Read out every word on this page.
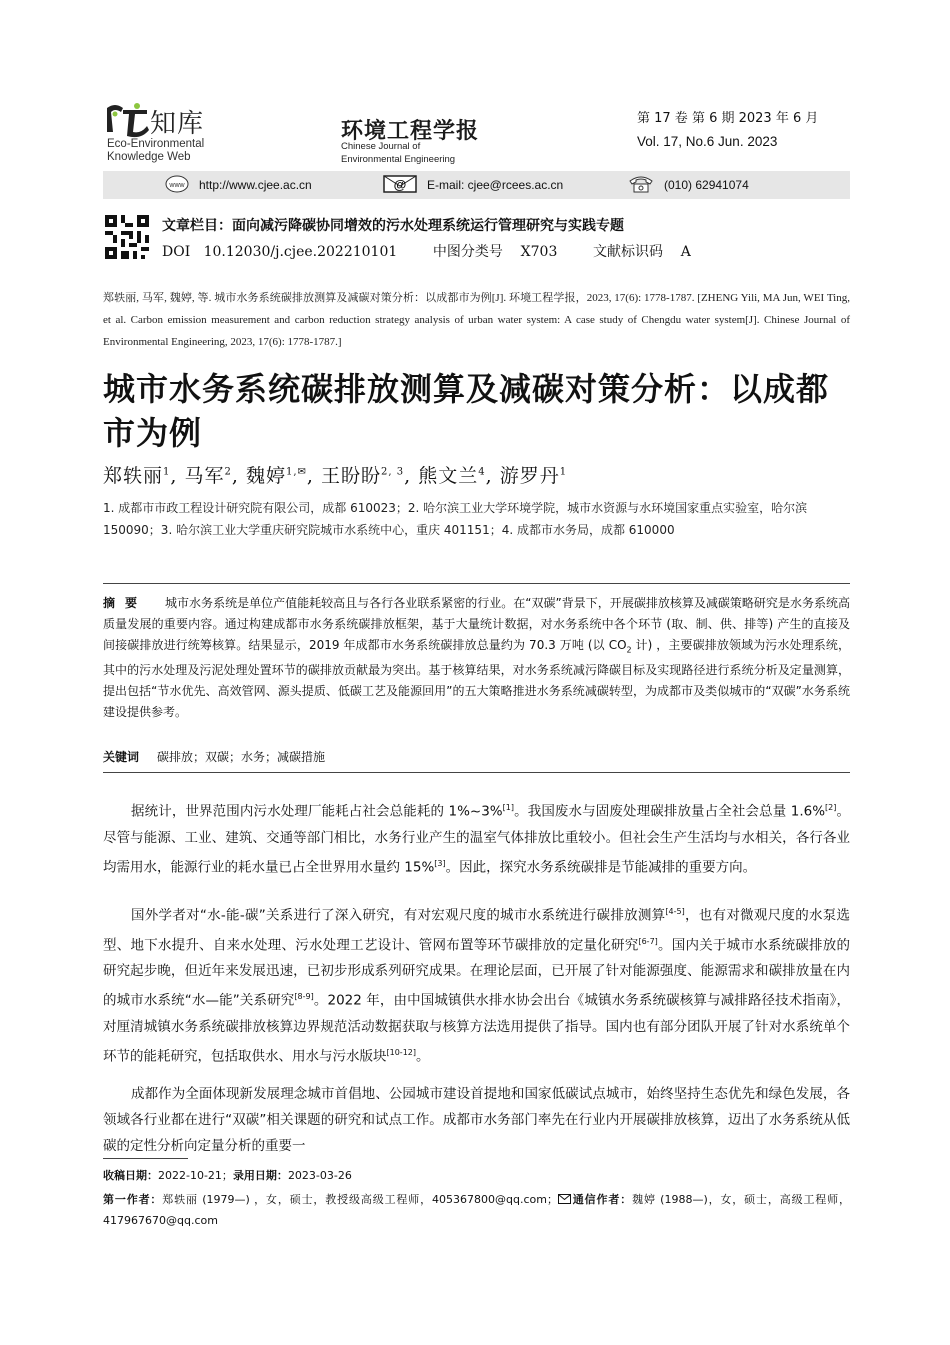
知库
Eco-Environmental
Knowledge Web
环境工程学报
Chinese Journal of
Environmental Engineering
第 17 卷 第 6 期 2023 年 6 月
Vol. 17, No.6 Jun. 2023
www http://www.cjee.ac.cn	@ E-mail: cjee@rcees.ac.cn	(010) 62941074
文章栏目：面向减污降碳协同增效的污水处理系统运行管理研究与实践专题
DOI   10.12030/j.cjee.202210101        中图分类号    X703        文献标识码    A
郑轶丽, 马军, 魏婷, 等. 城市水务系统碳排放测算及减碳对策分析：以成都市为例[J]. 环境工程学报，2023, 17(6): 1778-1787. [ZHENG Yili, MA Jun, WEI Ting, et al. Carbon emission measurement and carbon reduction strategy analysis of urban water system: A case study of Chengdu water system[J]. Chinese Journal of Environmental Engineering, 2023, 17(6): 1778-1787.]
城市水务系统碳排放测算及减碳对策分析：以成都市为例
郑轶丽$^1$, 马军$^2$, 魏婷$^{1,✉}$, 王盼盼$^{2, 3}$, 熊文兰$^4$, 游罗丹$^1$
1. 成都市市政工程设计研究院有限公司，成都 610023；2. 哈尔滨工业大学环境学院，城市水资源与水环境国家重点实验室，哈尔滨 150090；3. 哈尔滨工业大学重庆研究院城市水系统中心，重庆 401151；4. 成都市水务局，成都 610000
摘要 城市水务系统是单位产值能耗较高且与各行各业联系紧密的行业。在“双碳”背景下，开展碳排放核算及减碳策略研究是水务系统高质量发展的重要内容。通过构建成都市水务系统碳排放框架，基于大量统计数据，对水务系统中各个环节 (取、制、供、排等) 产生的直接及间接碳排放进行统筹核算。结果显示，2019 年成都市水务系统碳排放总量约为 70.3 万吨 (以 $CO_2$ 计) ，主要碳排放领域为污水处理系统，其中的污水处理及污泥处理处置环节的碳排放贡献最为突出。基于核算结果，对水务系统减污降碳目标及实现路径进行系统分析及定量测算，提出包括“节水优先、高效管网、源头提质、低碳工艺及能源回用”的五大策略推进水务系统减碳转型，为成都市及类似城市的“双碳”水务系统建设提供参考。
关键词 碳排放；双碳；水务；减碳措施
据统计，世界范围内污水处理厂能耗占社会总能耗的 1%~3%[1]。我国废水与固废处理碳排放量占全社会总量 1.6%[2]。尽管与能源、工业、建筑、交通等部门相比，水务行业产生的温室气体排放比重较小。但社会生产生活均与水相关，各行各业均需用水，能源行业的耗水量已占全世界用水量约 15%[3]。因此，探究水务系统碳排是节能减排的重要方向。
国外学者对“水-能-碳”关系进行了深入研究，有对宏观尺度的城市水系统进行碳排放测算[4-5]，也有对微观尺度的水泵选型、地下水提升、自来水处理、污水处理工艺设计、管网布置等环节碳排放的定量化研究[6-7]。国内关于城市水系统碳排放的研究起步晚，但近年来发展迅速，已初步形成系列研究成果。在理论层面，已开展了针对能源强度、能源需求和碳排放量在内的城市水系统“水—能”关系研究[8-9]。2022 年，由中国城镇供水排水协会出台《城镇水务系统碳核算与减排路径技术指南》，对厘清城镇水务系统碳排放核算边界规范活动数据获取与核算方法选用提供了指导。国内也有部分团队开展了针对水系统单个环节的能耗研究，包括取供水、用水与污水版块[10-12]。
成都作为全面体现新发展理念城市首倡地、公园城市建设首提地和国家低碳试点城市，始终坚持生态优先和绿色发展，各领域各行业都在进行“双碳”相关课题的研究和试点工作。成都市水务部门率先在行业内开展碳排放核算，迈出了水务系统从低碳的定性分析向定量分析的重要一
收稿日期：2022-10-21；录用日期：2023-03-26
第一作者：郑轶丽 (1979—) ，女，硕士，教授级高级工程师，405367800@qq.com； 通信作者：魏婷 (1988—)，女，硕士，高级工程师，417967670@qq.com
